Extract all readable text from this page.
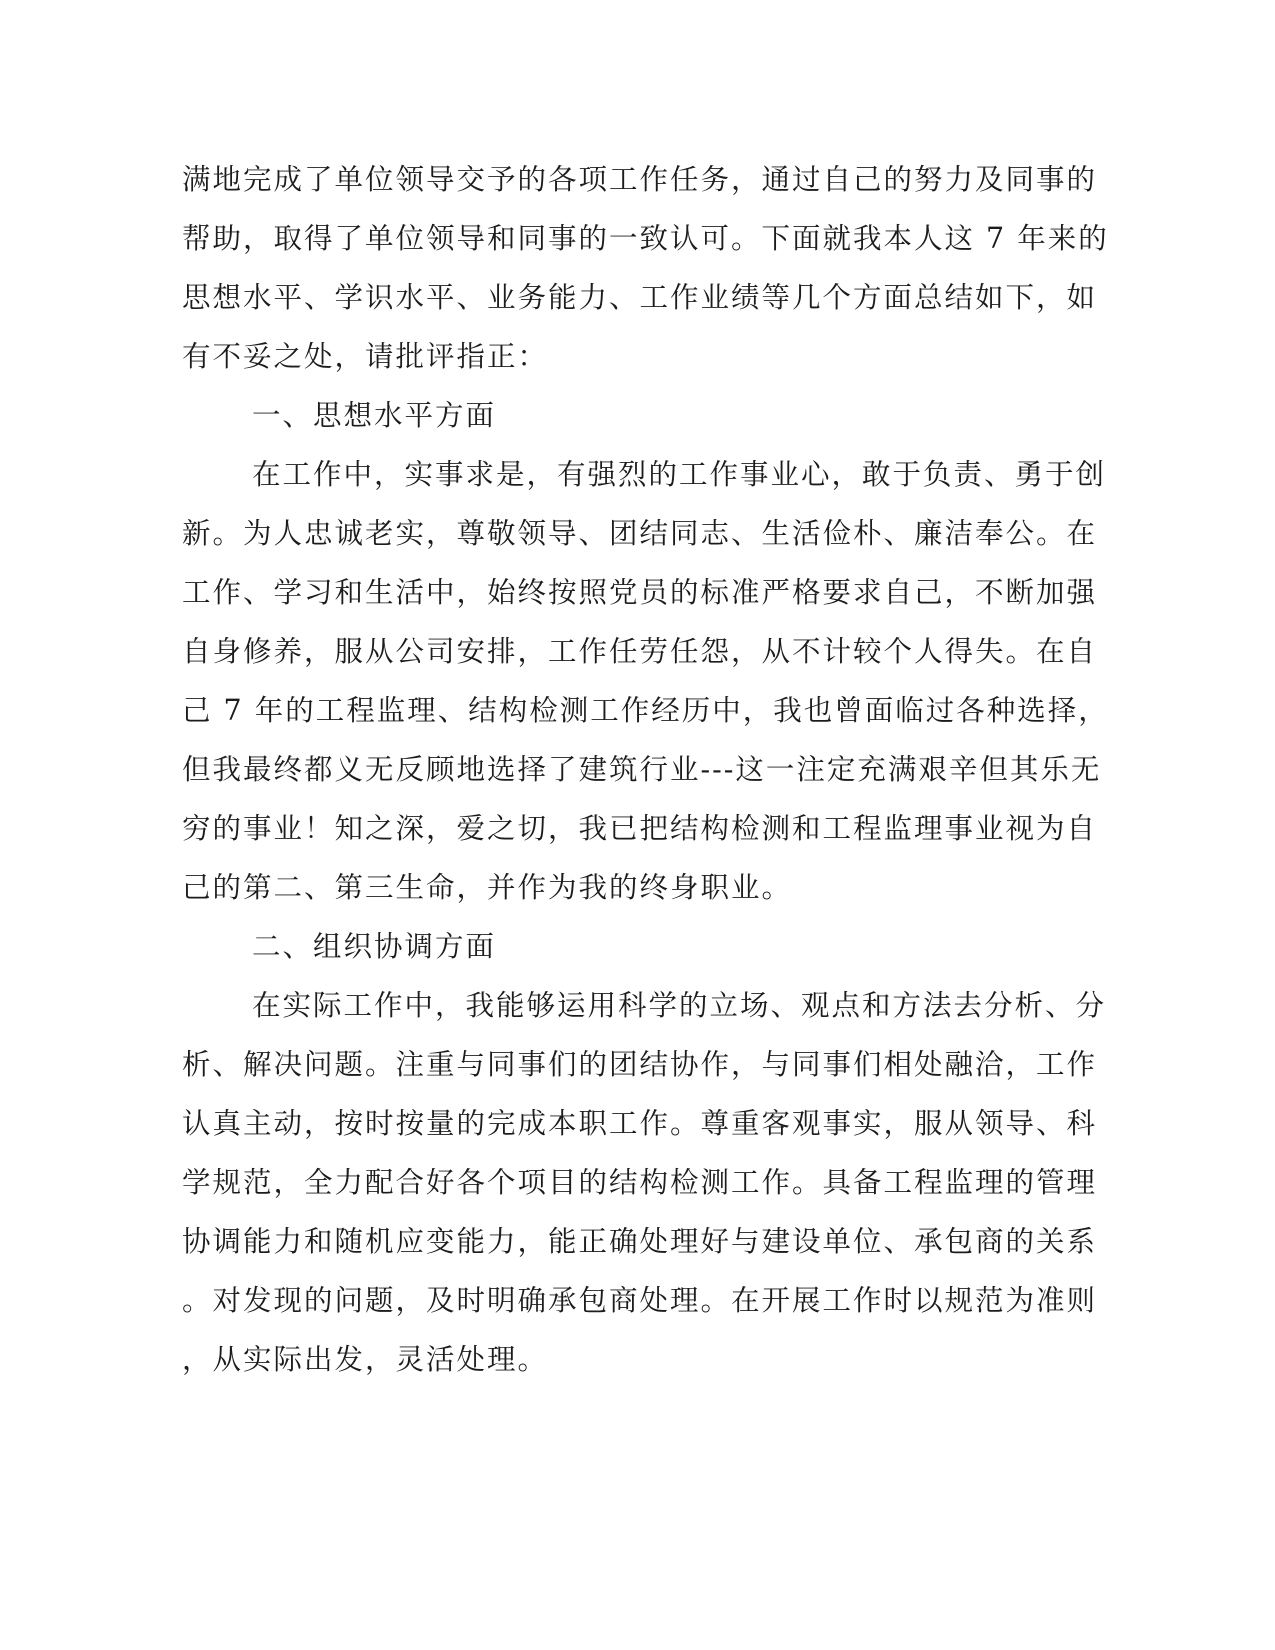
满地完成了单位领导交予的各项工作任务，通过自己的努力及同事的
帮助，取得了单位领导和同事的一致认可。下面就我本人这 7 年来的
思想水平、学识水平、业务能力、工作业绩等几个方面总结如下，如
有不妥之处，请批评指正：
一、思想水平方面
在工作中，实事求是，有强烈的工作事业心，敢于负责、勇于创
新。为人忠诚老实，尊敬领导、团结同志、生活俭朴、廉洁奉公。在
工作、学习和生活中，始终按照党员的标准严格要求自己，不断加强
自身修养，服从公司安排，工作任劳任怨，从不计较个人得失。在自
己 7 年的工程监理、结构检测工作经历中，我也曾面临过各种选择，
但我最终都义无反顾地选择了建筑行业---这一注定充满艰辛但其乐无
穷的事业！知之深，爱之切，我已把结构检测和工程监理事业视为自
己的第二、第三生命，并作为我的终身职业。
二、组织协调方面
在实际工作中，我能够运用科学的立场、观点和方法去分析、分
析、解决问题。注重与同事们的团结协作，与同事们相处融洽，工作
认真主动，按时按量的完成本职工作。尊重客观事实，服从领导、科
学规范，全力配合好各个项目的结构检测工作。具备工程监理的管理
协调能力和随机应变能力，能正确处理好与建设单位、承包商的关系
。对发现的问题，及时明确承包商处理。在开展工作时以规范为准则
，从实际出发，灵活处理。
